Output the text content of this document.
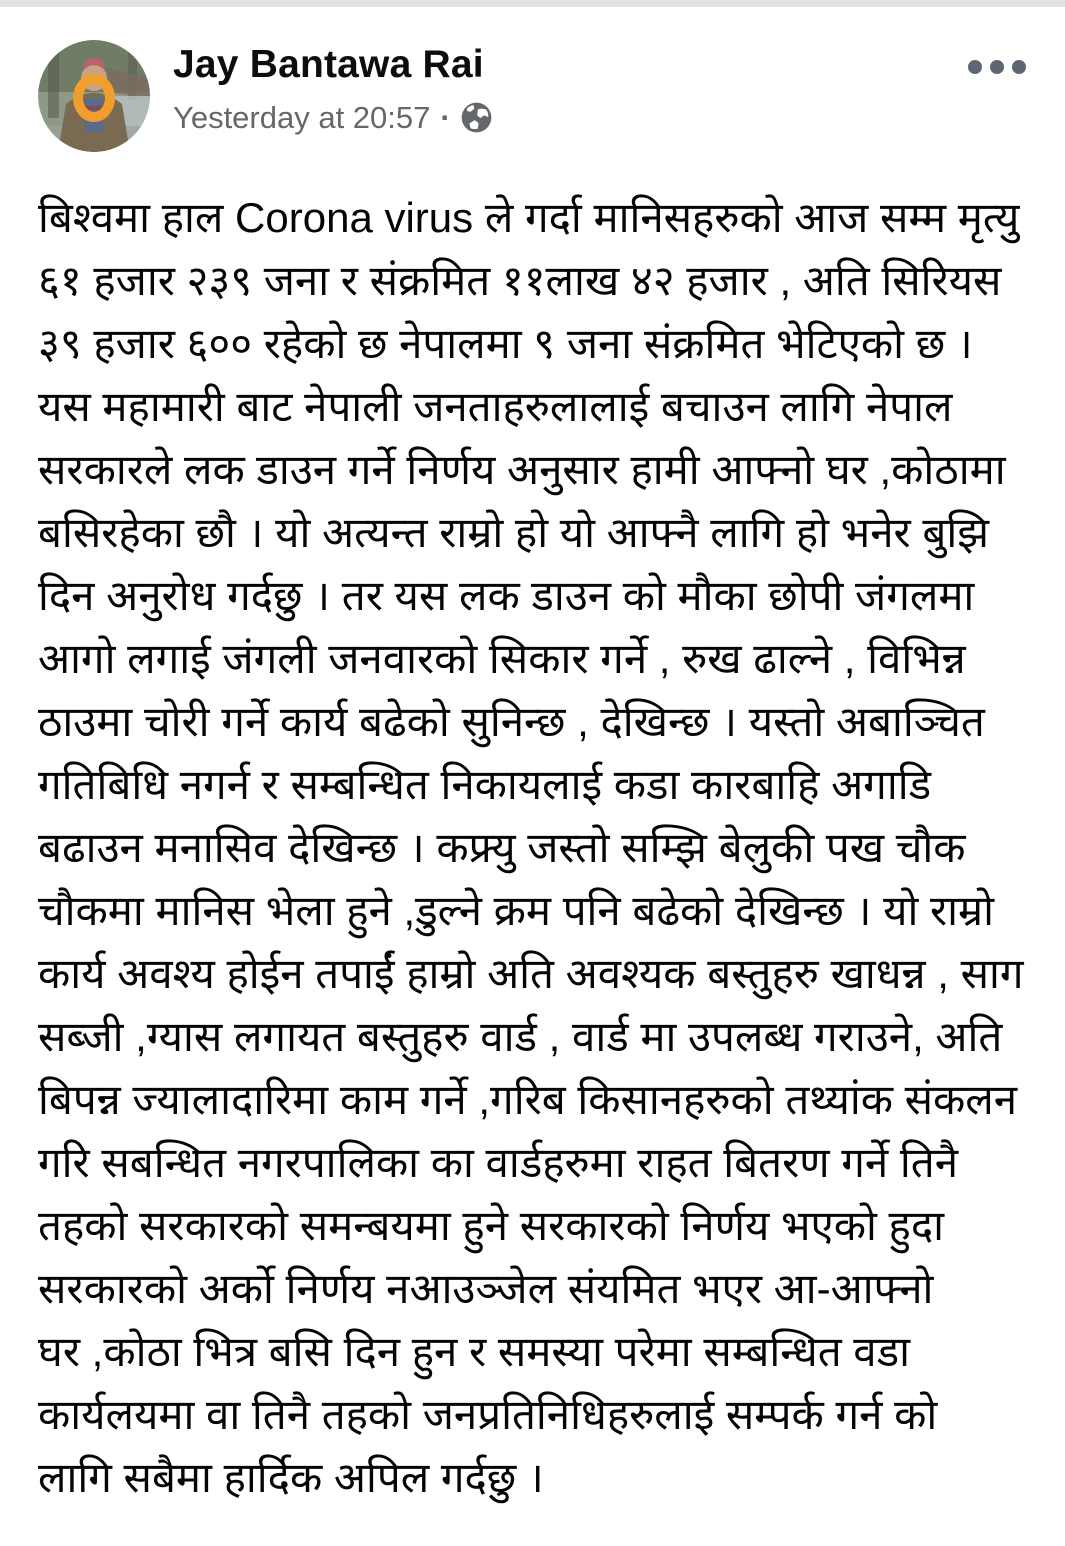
Jay Bantawa Rai
Yesterday at 20:57 ·
बिश्वमा हाल Corona virus ले गर्दा मानिसहरुको आज सम्म मृत्यु
६१ हजार २३९ जना र संक्रमित ११लाख ४२ हजार , अति सिरियस
३९ हजार ६०० रहेको छ नेपालमा ९ जना संक्रमित भेटिएको छ ।
यस महामारी बाट नेपाली जनताहरुलालाई बचाउन लागि नेपाल
सरकारले लक डाउन गर्ने निर्णय अनुसार हामी आफ्नो घर ,कोठामा
बसिरहेका छौ । यो अत्यन्त राम्रो हो यो आफ्नै लागि हो भनेर बुझि
दिन अनुरोध गर्दछु । तर यस लक डाउन को मौका छोपी जंगलमा
आगो लगाई जंगली जनवारको सिकार गर्ने , रुख ढाल्ने , विभिन्न
ठाउमा चोरी गर्ने कार्य बढेको सुनिन्छ , देखिन्छ । यस्तो अबाञ्चित
गतिबिधि नगर्न र सम्बन्धित निकायलाई कडा कारबाहि अगाडि
बढाउन मनासिव देखिन्छ । कफ्र्यु जस्तो सम्झि बेलुकी पख चौक
चौकमा मानिस भेला हुने ,डुल्ने क्रम पनि बढेको देखिन्छ । यो राम्रो
कार्य अवश्य होईन तपाईं हाम्रो अति अवश्यक बस्तुहरु खाधन्न , साग
सब्जी ,ग्यास लगायत बस्तुहरु वार्ड , वार्ड मा उपलब्ध गराउने, अति
बिपन्न ज्यालादारिमा काम गर्ने ,गरिब किसानहरुको तथ्यांक संकलन
गरि सबन्धित नगरपालिका का वार्डहरुमा राहत बितरण गर्ने तिनै
तहको सरकारको समन्बयमा हुने सरकारको निर्णय भएको हुदा
सरकारको अर्को निर्णय नआउञ्जेल संयमित भएर आ-आफ्नो
घर ,कोठा भित्र बसि दिन हुन र समस्या परेमा सम्बन्धित वडा
कार्यलयमा वा तिनै तहको जनप्रतिनिधिहरुलाई सम्पर्क गर्न को
लागि सबैमा हार्दिक अपिल गर्दछु ।
